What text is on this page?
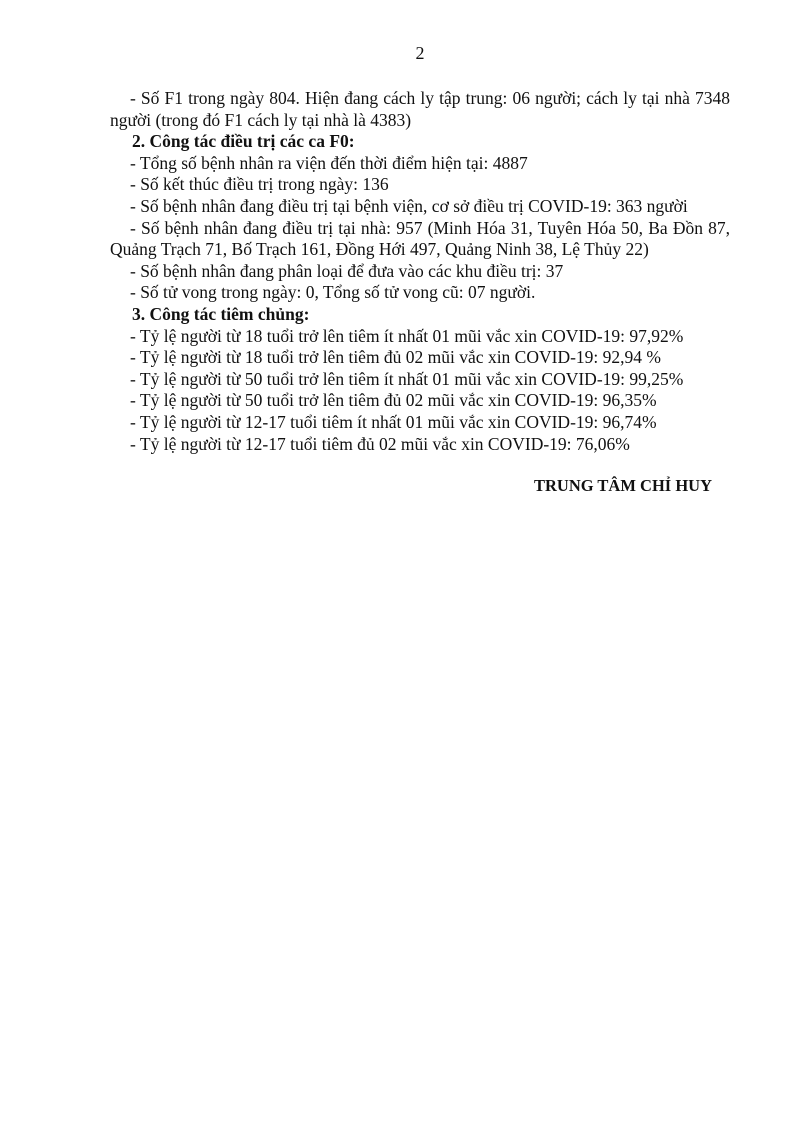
2

- Số F1 trong ngày 804. Hiện đang cách ly tập trung: 06 người; cách ly tại nhà 7348 người (trong đó F1 cách ly tại nhà là 4383)

2. Công tác điều trị các ca F0:

- Tổng số bệnh nhân ra viện đến thời điểm hiện tại: 4887

- Số kết thúc điều trị trong ngày: 136

- Số bệnh nhân đang điều trị tại bệnh viện, cơ sở điều trị COVID-19: 363 người

- Số bệnh nhân đang điều trị tại nhà: 957 (Minh Hóa 31, Tuyên Hóa 50, Ba Đồn 87, Quảng Trạch 71, Bố Trạch 161, Đồng Hới 497, Quảng Ninh 38, Lệ Thủy 22)

- Số bệnh nhân đang phân loại để đưa vào các khu điều trị: 37

- Số tử vong trong ngày: 0, Tổng số tử vong cũ: 07 người.

3. Công tác tiêm chủng:

- Tỷ lệ người từ 18 tuổi trở lên tiêm ít nhất 01 mũi vắc xin COVID-19: 97,92%

- Tỷ lệ người từ 18 tuổi trở lên tiêm đủ 02 mũi vắc xin COVID-19: 92,94 %

- Tỷ lệ người từ 50 tuổi trở lên tiêm ít nhất 01 mũi vắc xin COVID-19: 99,25%

- Tỷ lệ người từ 50 tuổi trở lên tiêm đủ 02 mũi vắc xin COVID-19: 96,35%

- Tỷ lệ người từ 12-17 tuổi tiêm ít nhất 01 mũi vắc xin COVID-19: 96,74%

- Tỷ lệ người từ 12-17 tuổi tiêm đủ 02 mũi vắc xin COVID-19: 76,06%

TRUNG TÂM CHỈ HUY
